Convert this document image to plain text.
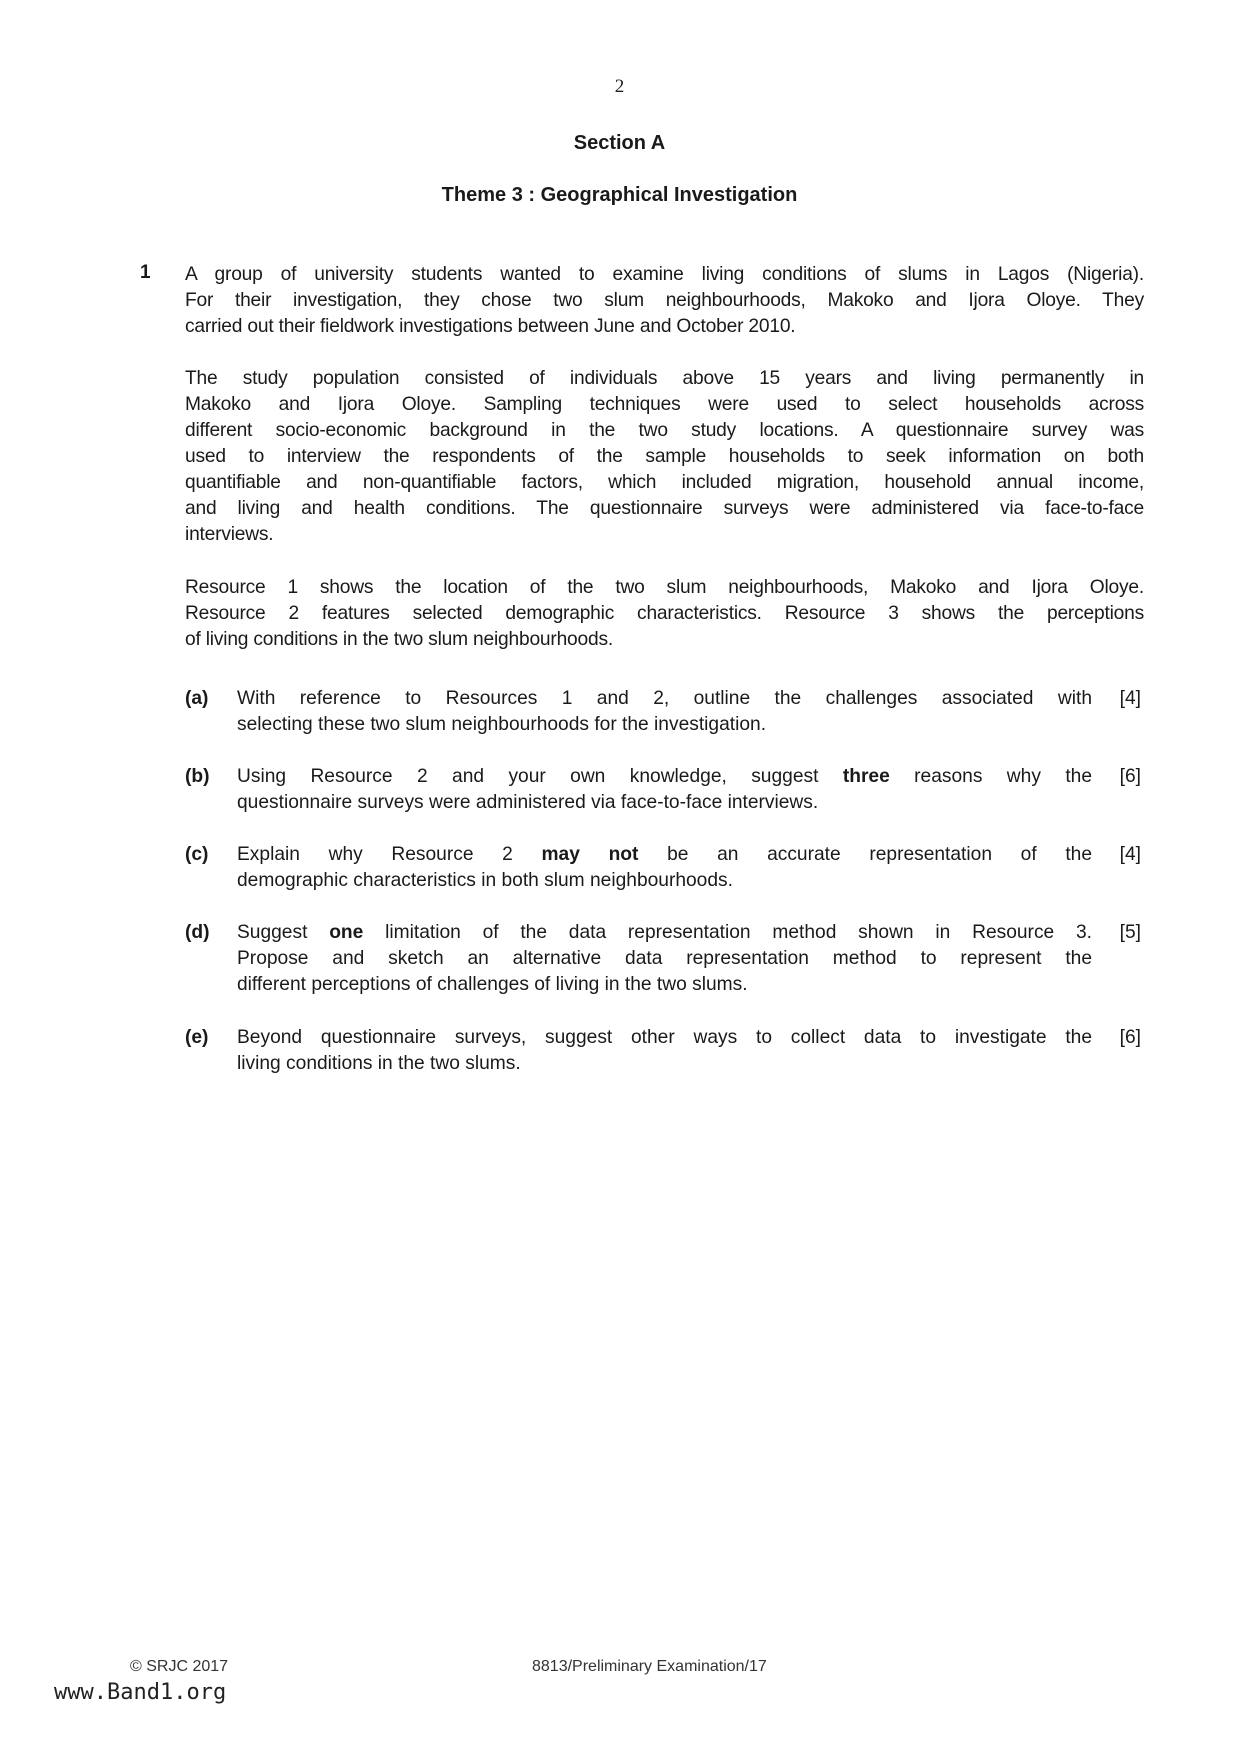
2
Section A
Theme 3 : Geographical Investigation
1 A group of university students wanted to examine living conditions of slums in Lagos (Nigeria).
For their investigation, they chose two slum neighbourhoods, Makoko and Ijora Oloye. They
carried out their fieldwork investigations between June and October 2010.
The study population consisted of individuals above 15 years and living permanently in
Makoko and Ijora Oloye. Sampling techniques were used to select households across
different socio-economic background in the two study locations. A questionnaire survey was
used to interview the respondents of the sample households to seek information on both
quantifiable and non-quantifiable factors, which included migration, household annual income,
and living and health conditions. The questionnaire surveys were administered via face-to-face
interviews.
Resource 1 shows the location of the two slum neighbourhoods, Makoko and Ijora Oloye.
Resource 2 features selected demographic characteristics. Resource 3 shows the perceptions
of living conditions in the two slum neighbourhoods.
(a) With reference to Resources 1 and 2, outline the challenges associated with
selecting these two slum neighbourhoods for the investigation.
[4]
(b) Using Resource 2 and your own knowledge, suggest three reasons why the
questionnaire surveys were administered via face-to-face interviews.
[6]
(c) Explain why Resource 2 may not be an accurate representation of the
demographic characteristics in both slum neighbourhoods.
[4]
(d) Suggest one limitation of the data representation method shown in Resource 3.
Propose and sketch an alternative data representation method to represent the
different perceptions of challenges of living in the two slums.
[5]
(e) Beyond questionnaire surveys, suggest other ways to collect data to investigate the
living conditions in the two slums.
[6]
© SRJC 2017	8813/Preliminary Examination/17
www.Band1.org
